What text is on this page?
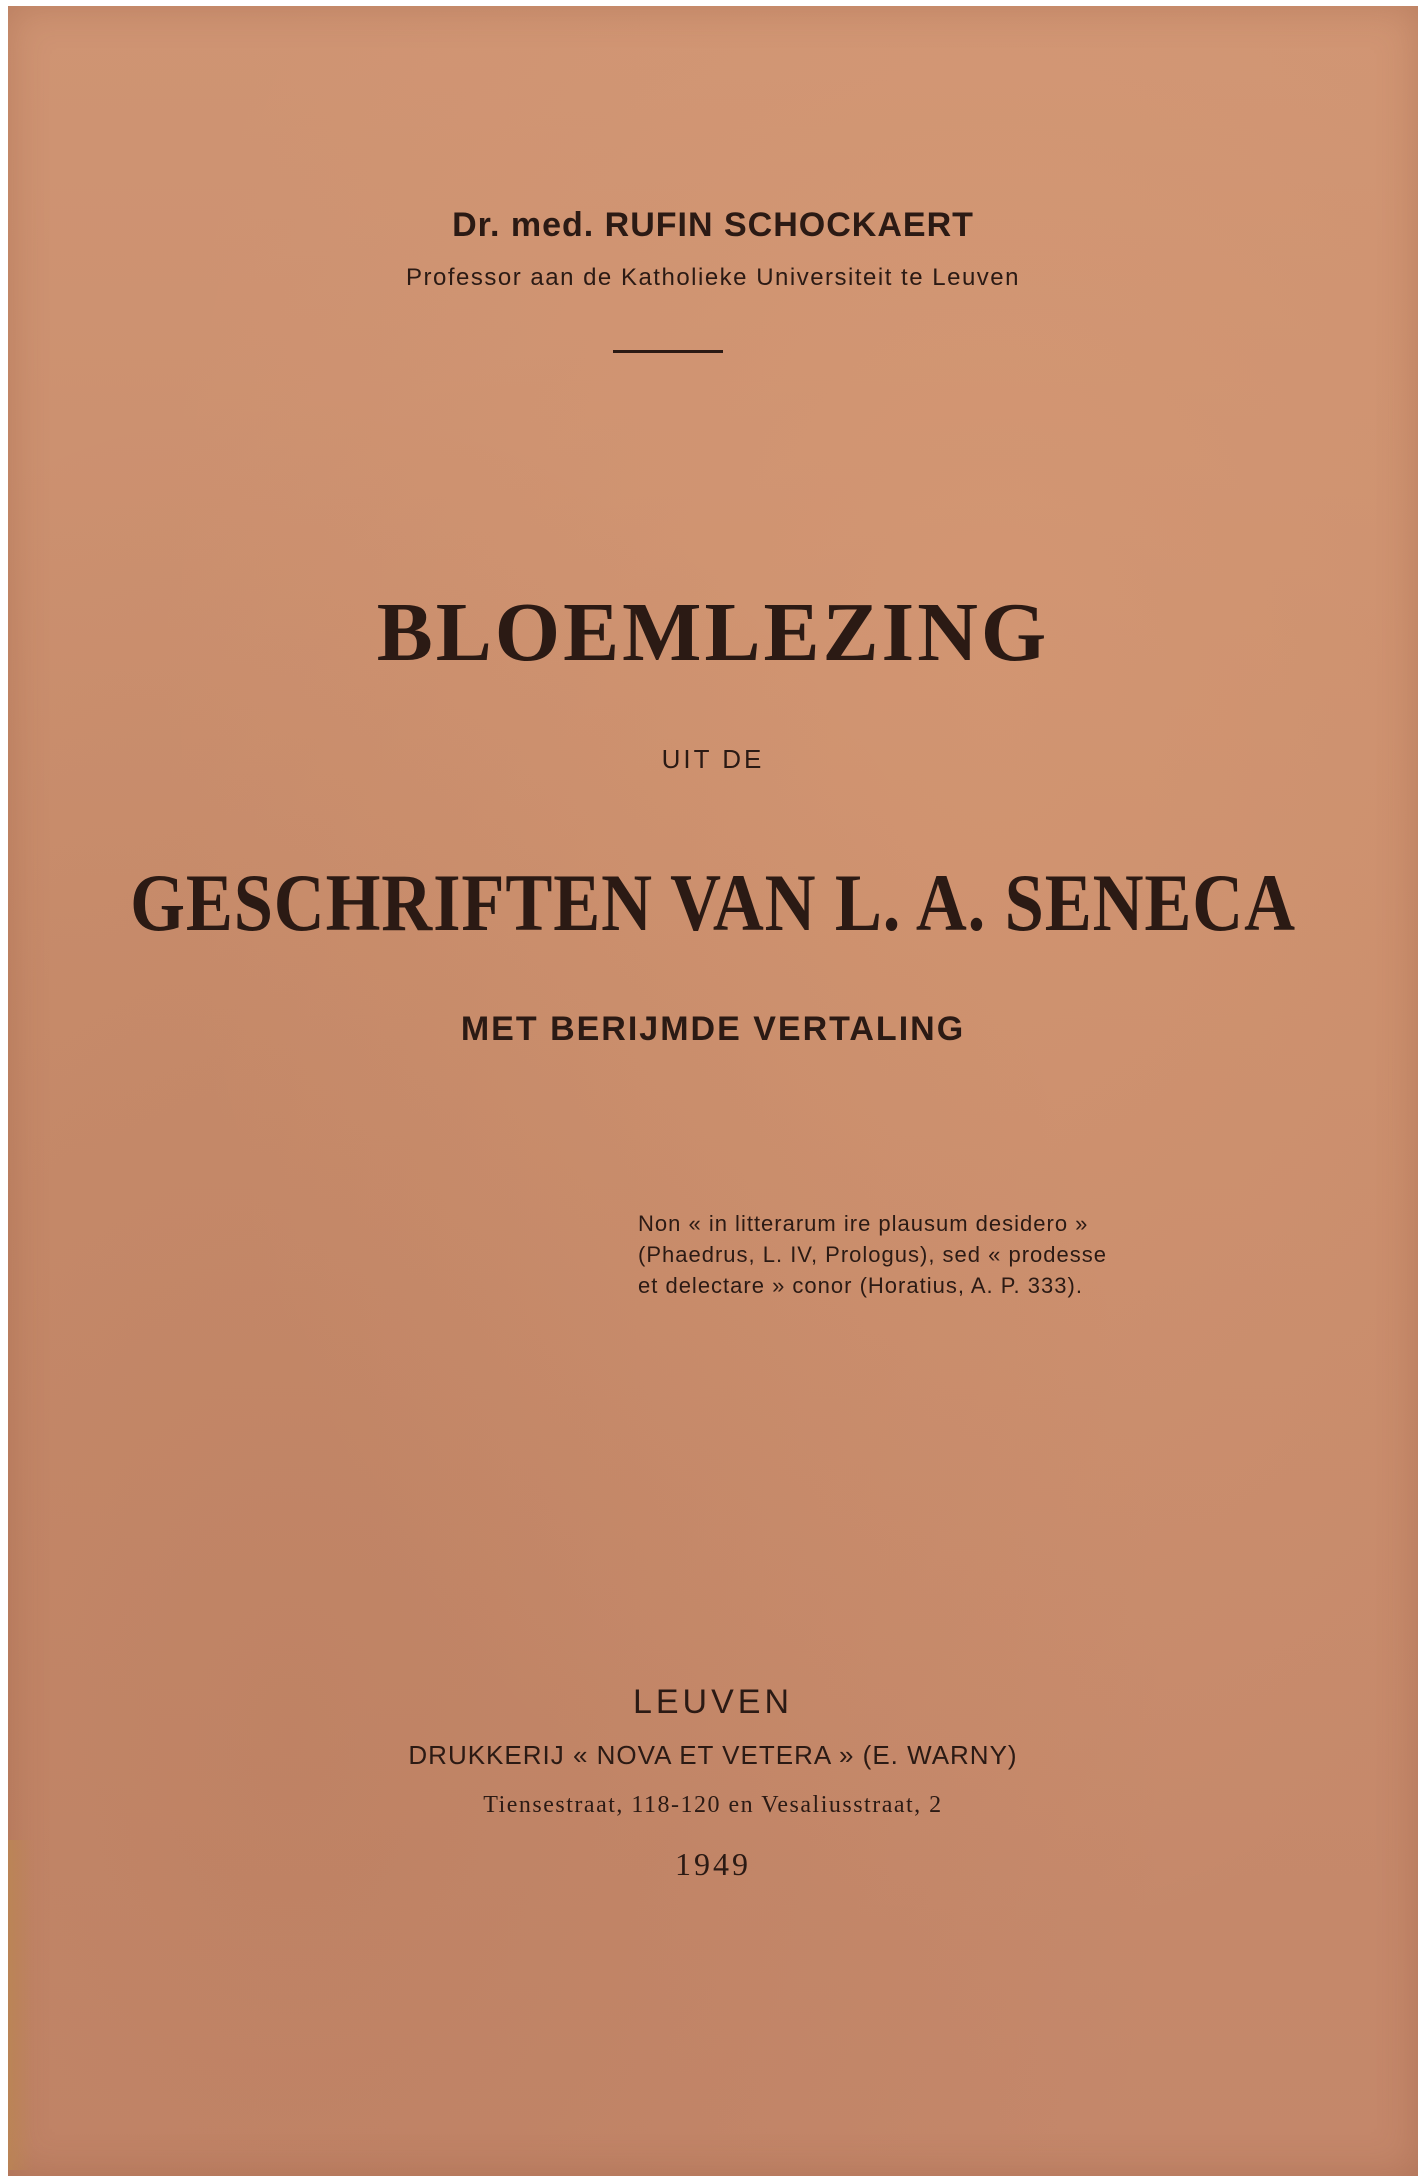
Dr. med. RUFIN SCHOCKAERT
Professor aan de Katholieke Universiteit te Leuven
BLOEMLEZING
UIT DE
GESCHRIFTEN VAN L. A. SENECA
MET BERIJMDE VERTALING
Non « in litterarum ire plausum desidero »
(Phaedrus, L. IV, Prologus), sed « prodesse
et delectare » conor (Horatius, A. P. 333).
LEUVEN
DRUKKERIJ « NOVA ET VETERA » (E. WARNY)
Tiensestraat, 118-120 en Vesaliusstraat, 2
1949
